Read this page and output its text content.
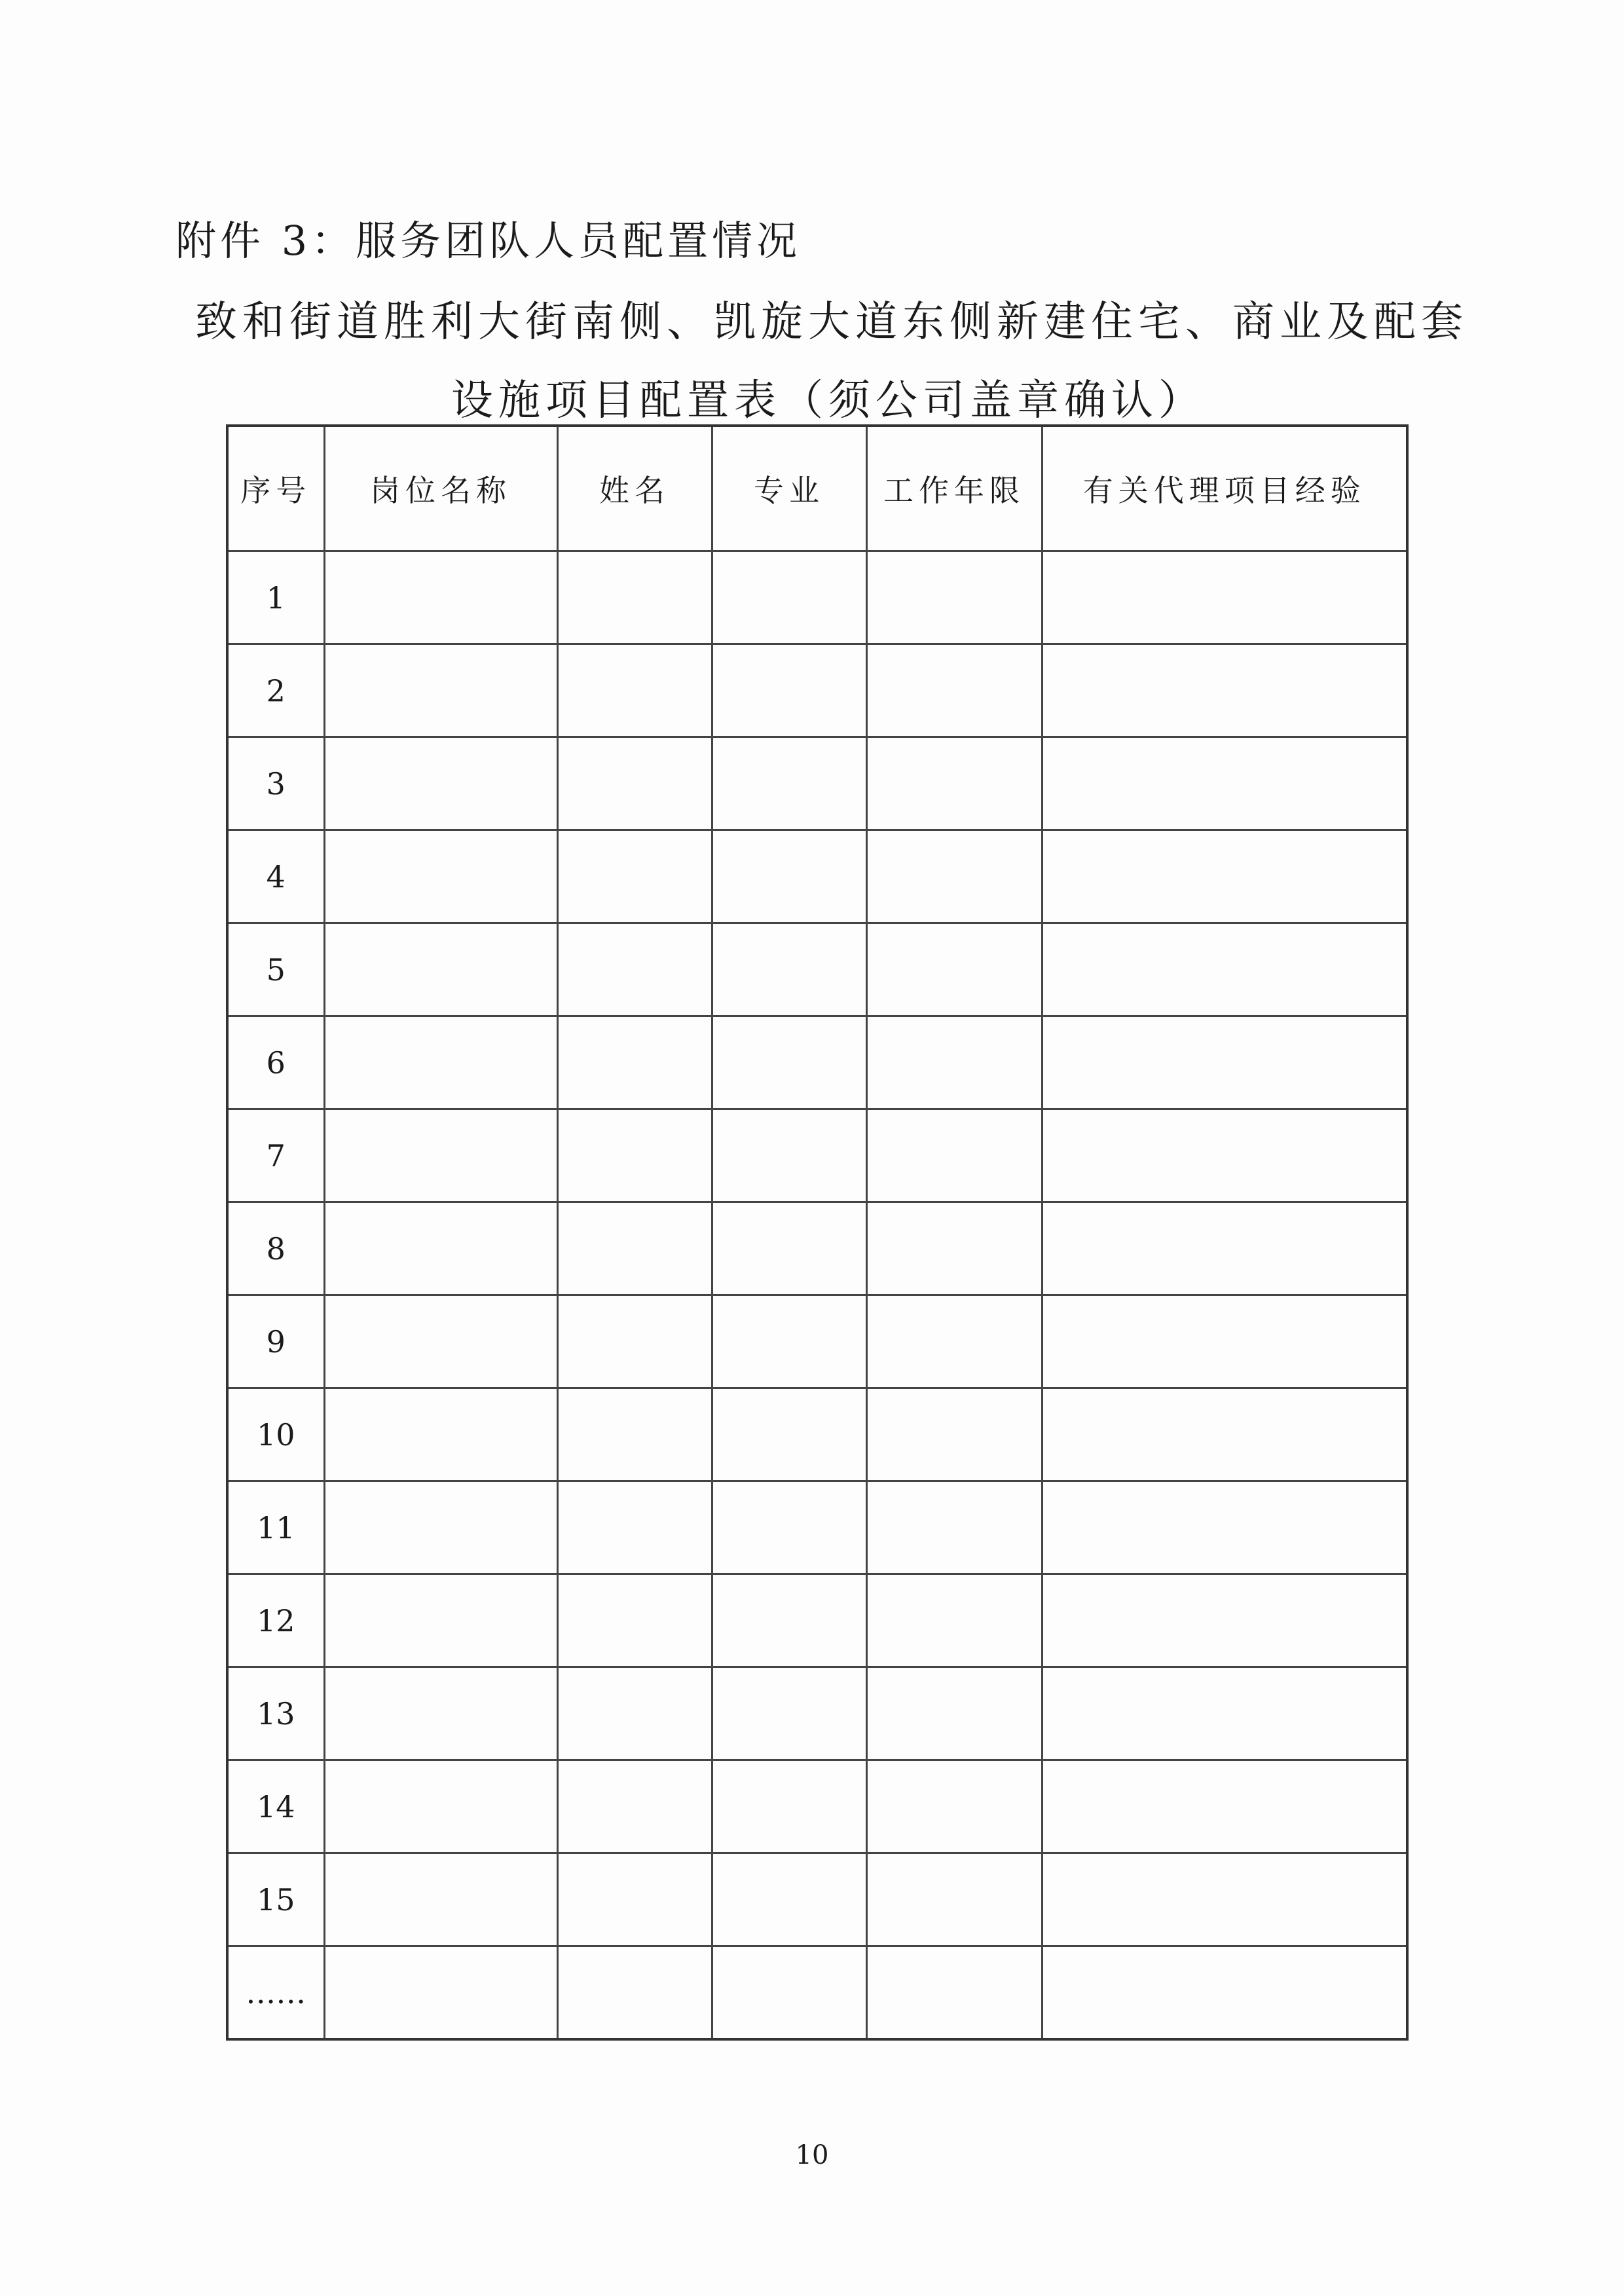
附件 3：服务团队人员配置情况
致和街道胜利大街南侧、凯旋大道东侧新建住宅、商业及配套
设施项目配置表（须公司盖章确认）
序号	岗位名称	姓名	专业	工作年限	有关代理项目经验
1					
2					
3					
4					
5					
6					
7					
8					
9					
10					
11					
12					
13					
14					
15					
……					
10
